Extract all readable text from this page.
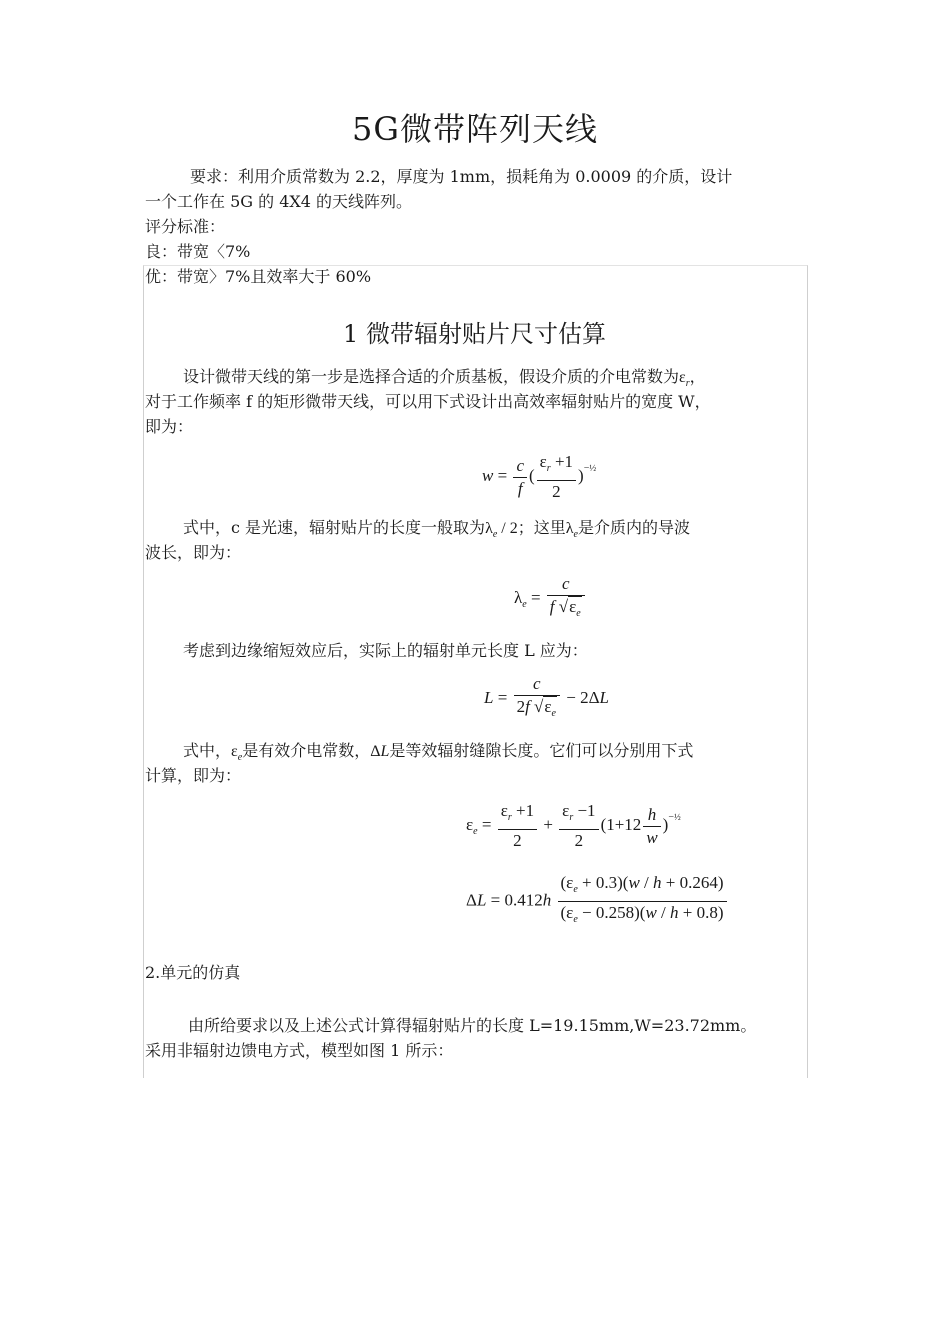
5G微带阵列天线
要求：利用介质常数为 2.2，厚度为 1mm，损耗角为 0.0009 的介质，设计
一个工作在 5G 的 4X4 的天线阵列。
评分标准：
良：带宽〈7%
优：带宽〉7%且效率大于 60%
1 微带辐射贴片尺寸估算
设计微带天线的第一步是选择合适的介质基板，假设介质的介电常数为$\varepsilon_r$，
对于工作频率 f 的矩形微带天线，可以用下式设计出高效率辐射贴片的宽度 W，
即为：
$w = \frac{c}{f}$ ( $\frac{\varepsilon_r +1}{2} )^{-\frac{1}{2}}$
式中，c 是光速，辐射贴片的长度一般取为$\lambda_e / 2$；这里$\lambda_e$是介质内的导波
波长，即为：
$\lambda_e = \frac{c}{f √\varepsilon_e}$
考虑到边缘缩短效应后，实际上的辐射单元长度 L 应为：
$L = \frac{c}{2f √\varepsilon_e} - 2\Delta L$
式中，$\varepsilon_e$是有效介电常数，ΔL是等效辐射缝隙长度。它们可以分别用下式
计算，即为：
$\varepsilon_e = \frac{\varepsilon_r +1}{2} + \frac{\varepsilon_r -1}{2} (1+12 \frac{h}{w} )^{-\frac{1}{2}}$
$\Delta L = 0.412h \frac{(\varepsilon_e + 0.3)(w / h + 0.264)}{(\varepsilon_e - 0.258)(w / h + 0.8)}$
2.单元的仿真
由所给要求以及上述公式计算得辐射贴片的长度 L=19.15mm,W=23.72mm。
采用非辐射边馈电方式，模型如图 1 所示：
